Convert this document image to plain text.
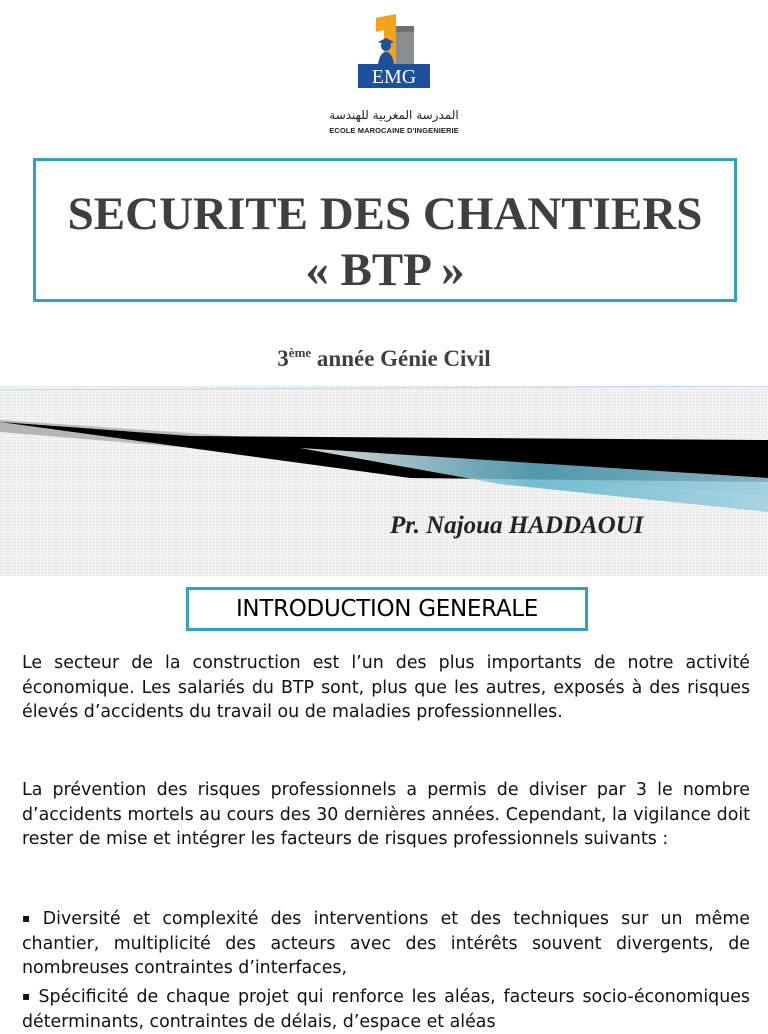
EMG
المدرسة المغربية للهندسة
ECOLE MAROCAINE D'INGENIERIE
SECURITE DES CHANTIERS
« BTP »
3ème année Génie Civil
Pr. Najoua HADDAOUI
INTRODUCTION GENERALE

Le secteur de la construction est l’un des plus importants de notre activité économique. Les salariés du BTP sont, plus que les autres, exposés à des risques élevés d’accidents du travail ou de maladies professionnelles.

La prévention des risques professionnels a permis de diviser par 3 le nombre d’accidents mortels au cours des 30 dernières années. Cependant, la vigilance doit rester de mise et intégrer les facteurs de risques professionnels suivants :

▪ Diversité et complexité des interventions et des techniques sur un même chantier, multiplicité des acteurs avec des intérêts souvent divergents, de nombreuses contraintes d’interfaces,

▪ Spécificité de chaque projet qui renforce les aléas, facteurs socio-économiques déterminants, contraintes de délais, d’espace et aléas
